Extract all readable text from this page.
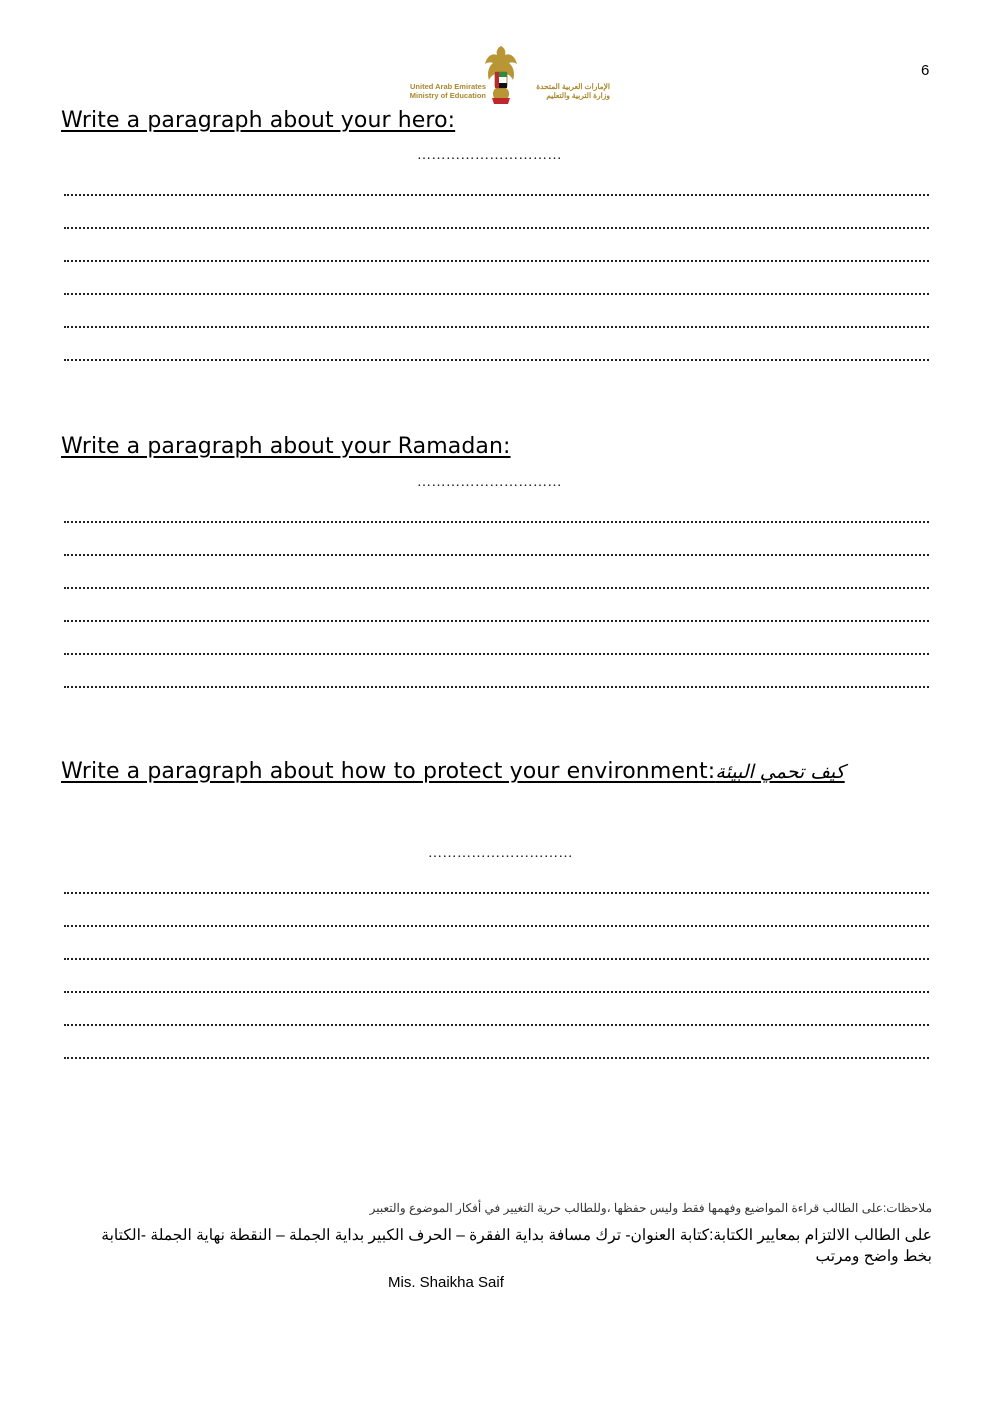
6
United Arab Emirates
Ministry of Education
الإمارات العربية المتحدة
وزارة التربية والتعليم
Write a paragraph about your hero:
…………………………
Write a paragraph about your Ramadan:
…………………………
Write a paragraph about how to protect your environment:كيف تحمي البيئة
…………………………
ملاحظات:على الطالب قراءة المواضيع وفهمها فقط وليس حفظها ،وللطالب حرية التغيير في أفكار الموضوع والتعبير
على الطالب الالتزام بمعايير الكتابة:كتابة العنوان- ترك مسافة بداية الفقرة – الحرف الكبير بداية الجملة – النقطة نهاية الجملة -الكتابة بخط واضح ومرتب
Mis. Shaikha Saif
